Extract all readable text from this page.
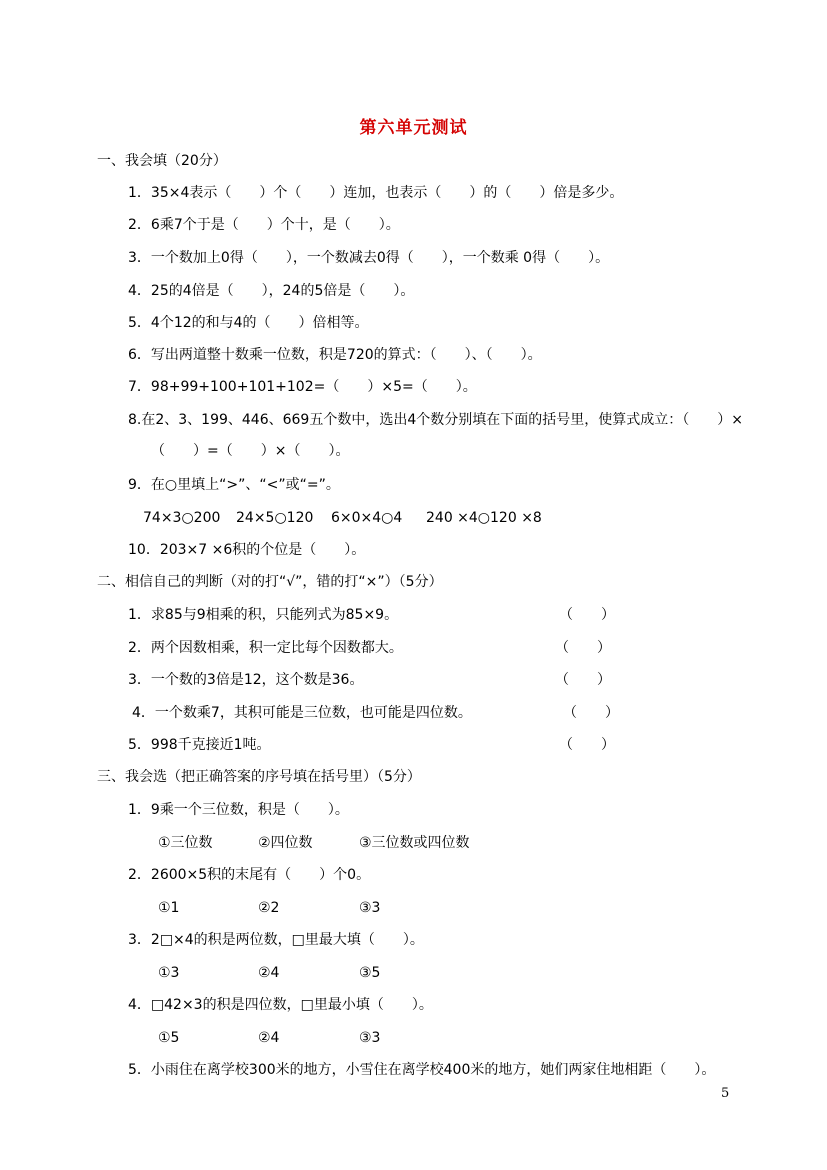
第六单元测试
一、我会填（20分）
1．35×4表示（　　）个（　　）连加，也表示（　　）的（　　）倍是多少。
2．6乘7个于是（　　）个十，是（　　）。
3．一个数加上0得（　　），一个数减去0得（　　），一个数乘 0得（　　）。
4．25的4倍是（　　），24的5倍是（　　）。
5．4个12的和与4的（　　）倍相等。
6．写出两道整十数乘一位数，积是720的算式：（　　）、（　　）。
7．98+99+100+101+102=（　　）×5=（　　）。
8.在2、3、199、446、669五个数中，选出4个数分别填在下面的括号里，使算式成立：（　　）×
（　　）=（　　）×（　　）。
9．在○里填上“>”、“<”或“=”。
74×3○200 24×5○120 6×0×4○4 240 ×4○120 ×8
10．203×7 ×6积的个位是（　　）。
二、相信自己的判断（对的打“√”，错的打“×”）（5分）
1．求85与9相乘的积，只能列式为85×9。	（　　）
2．两个因数相乘，积一定比每个因数都大。	（　　）
3．一个数的3倍是12，这个数是36。	（　　）
4．一个数乘7，其积可能是三位数，也可能是四位数。	（　　）
5．998千克接近1吨。	（　　）
三、我会选（把正确答案的序号填在括号里）（5分）
1．9乘一个三位数，积是（　　）。
①三位数	②四位数	③三位数或四位数
2．2600×5积的末尾有（　　）个0。
①1	②2	③3
3．2□×4的积是两位数，□里最大填（　　）。
①3	②4	③5
4．□42×3的积是四位数，□里最小填（　　）。
①5	②4	③3
5．小雨住在离学校300米的地方，小雪住在离学校400米的地方，她们两家住地相距（　　）。
5
